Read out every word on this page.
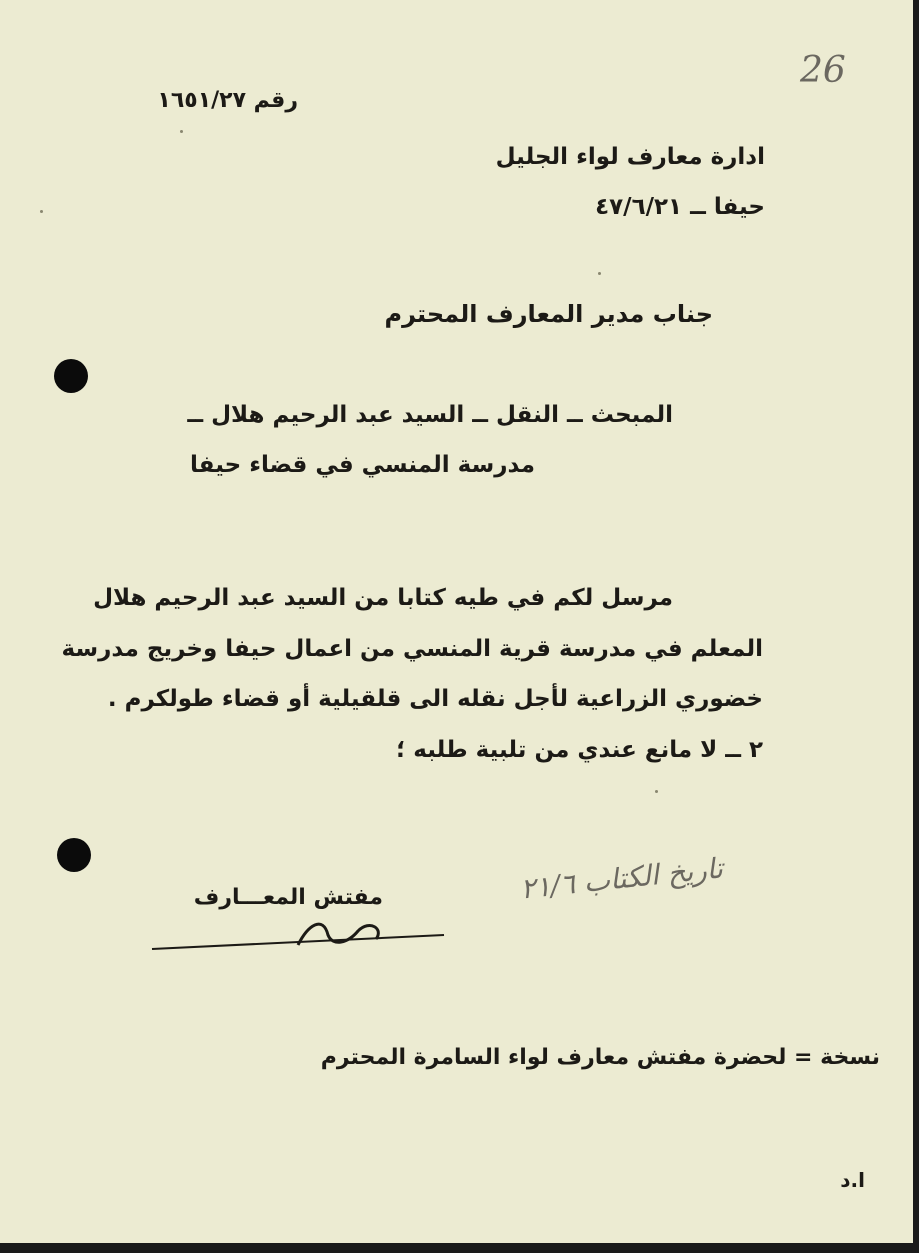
26
رقم ١٦٥١/٢٧
ادارة معارف لواء الجليل
حيفا ــ ٤٧/٦/٢١
جناب مدير المعارف المحترم
المبحث ــ النقل ــ السيد عبد الرحيم هلال ــ
مدرسة المنسي في قضاء حيفا
مرسل لكم في طيه كتابا من السيد عبد الرحيم هلال
المعلم في مدرسة قرية المنسي من اعمال حيفا وخريج مدرسة
خضوري الزراعية لأجل نقله الى قلقيلية أو قضاء طولكرم .
٢ ــ لا مانع عندي من تلبية طلبه ؛
تاريخ الكتاب ٢١/٦
مفتش المعـــارف
نسخة = لحضرة مفتش معارف لواء السامرة المحترم
ا.د
